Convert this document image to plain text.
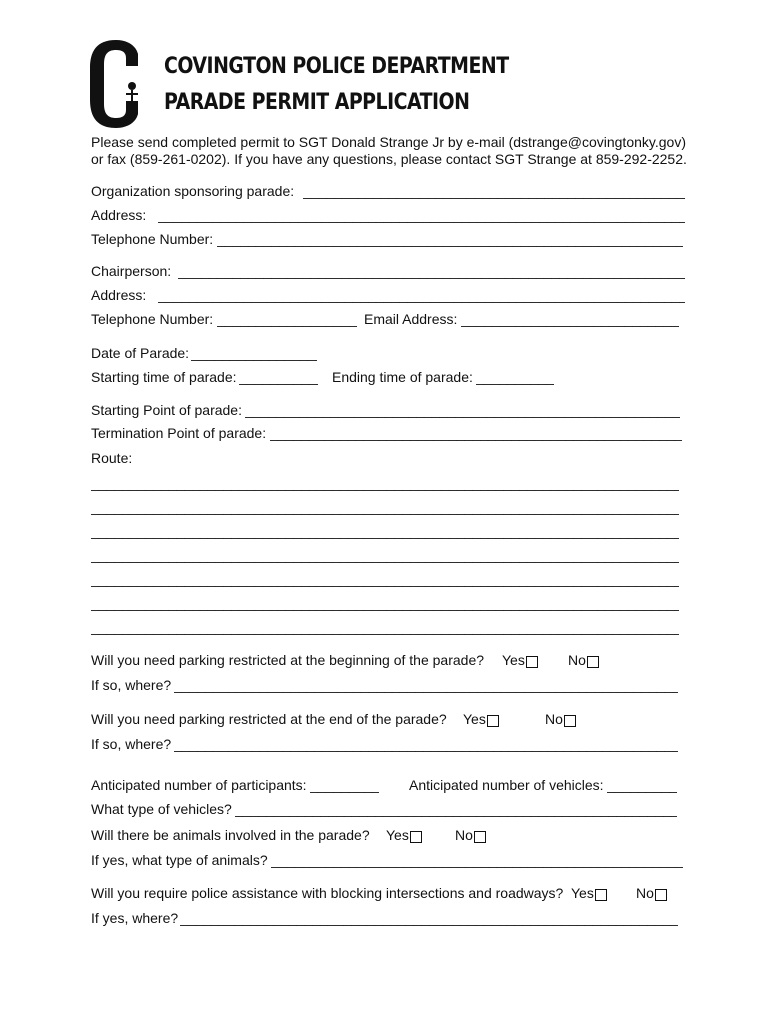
COVINGTON POLICE DEPARTMENT
PARADE PERMIT APPLICATION
Please send completed permit to SGT Donald Strange Jr by e-mail (dstrange@covingtonky.gov)
or fax (859-261-0202). If you have any questions, please contact SGT Strange at 859-292-2252.
Organization sponsoring parade:
_____
Address:
_____
Telephone Number:
_____
Chairperson:
_____
Address:
_____
Telephone Number: _____	Email Address:
_____
Date of Parade:
_____
Starting time of parade: _____	Ending time of parade:
_____
Starting Point of parade:
_____
Termination Point of parade:
_____
Route:
_____
_____
_____
_____
_____
_____
_____
Will you need parking restricted at the beginning of the parade? Yes	No
If so, where?
_____
Will you need parking restricted at the end of the parade? Yes	No
If so, where?
_____
Anticipated number of participants: _____	Anticipated number of vehicles:
_____
What type of vehicles?
_____
Will there be animals involved in the parade? Yes	No
If yes, what type of animals?
_____
Will you require police assistance with blocking intersections and roadways? Yes	No
If yes, where?
_____
